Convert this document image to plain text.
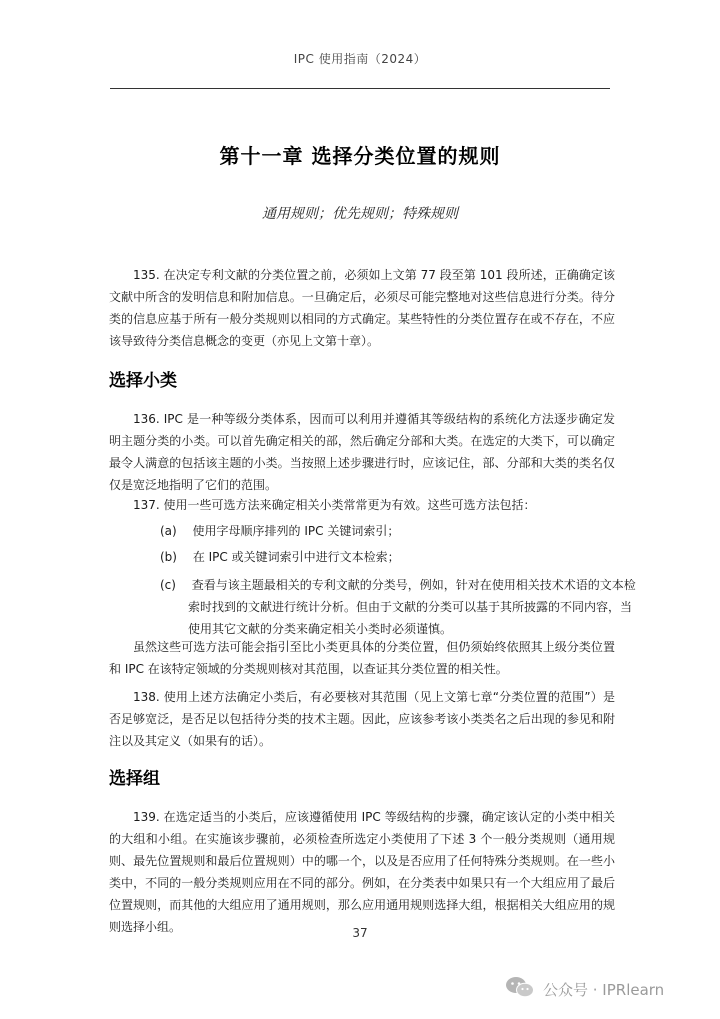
IPC 使用指南（2024）
第十一章 选择分类位置的规则
通用规则；优先规则；特殊规则

135. 在决定专利文献的分类位置之前，必须如上文第 77 段至第 101 段所述，正确确定该文献中所含的发明信息和附加信息。一旦确定后，必须尽可能完整地对这些信息进行分类。待分类的信息应基于所有一般分类规则以相同的方式确定。某些特性的分类位置存在或不存在，不应该导致待分类信息概念的变更（亦见上文第十章）。

选择小类

136. IPC 是一种等级分类体系，因而可以利用并遵循其等级结构的系统化方法逐步确定发明主题分类的小类。可以首先确定相关的部，然后确定分部和大类。在选定的大类下，可以确定最令人满意的包括该主题的小类。当按照上述步骤进行时，应该记住，部、分部和大类的类名仅仅是宽泛地指明了它们的范围。

137. 使用一些可选方法来确定相关小类常常更为有效。这些可选方法包括：

(a) 使用字母顺序排列的 IPC 关键词索引；
(b) 在 IPC 或关键词索引中进行文本检索；
(c) 查看与该主题最相关的专利文献的分类号，例如，针对在使用相关技术术语的文本检索时找到的文献进行统计分析。但由于文献的分类可以基于其所披露的不同内容，当使用其它文献的分类来确定相关小类时必须谨慎。

虽然这些可选方法可能会指引至比小类更具体的分类位置，但仍须始终依照其上级分类位置和 IPC 在该特定领域的分类规则核对其范围，以查证其分类位置的相关性。

138. 使用上述方法确定小类后，有必要核对其范围（见上文第七章“分类位置的范围”）是否足够宽泛，是否足以包括待分类的技术主题。因此，应该参考该小类类名之后出现的参见和附注以及其定义（如果有的话）。

选择组

139. 在选定适当的小类后，应该遵循使用 IPC 等级结构的步骤，确定该认定的小类中相关的大组和小组。在实施该步骤前，必须检查所选定小类使用了下述 3 个一般分类规则（通用规则、最先位置规则和最后位置规则）中的哪一个，以及是否应用了任何特殊分类规则。在一些小类中，不同的一般分类规则应用在不同的部分。例如，在分类表中如果只有一个大组应用了最后位置规则，而其他的大组应用了通用规则，那么应用通用规则选择大组，根据相关大组应用的规则选择小组。	37
公众号 · IPRlearn
